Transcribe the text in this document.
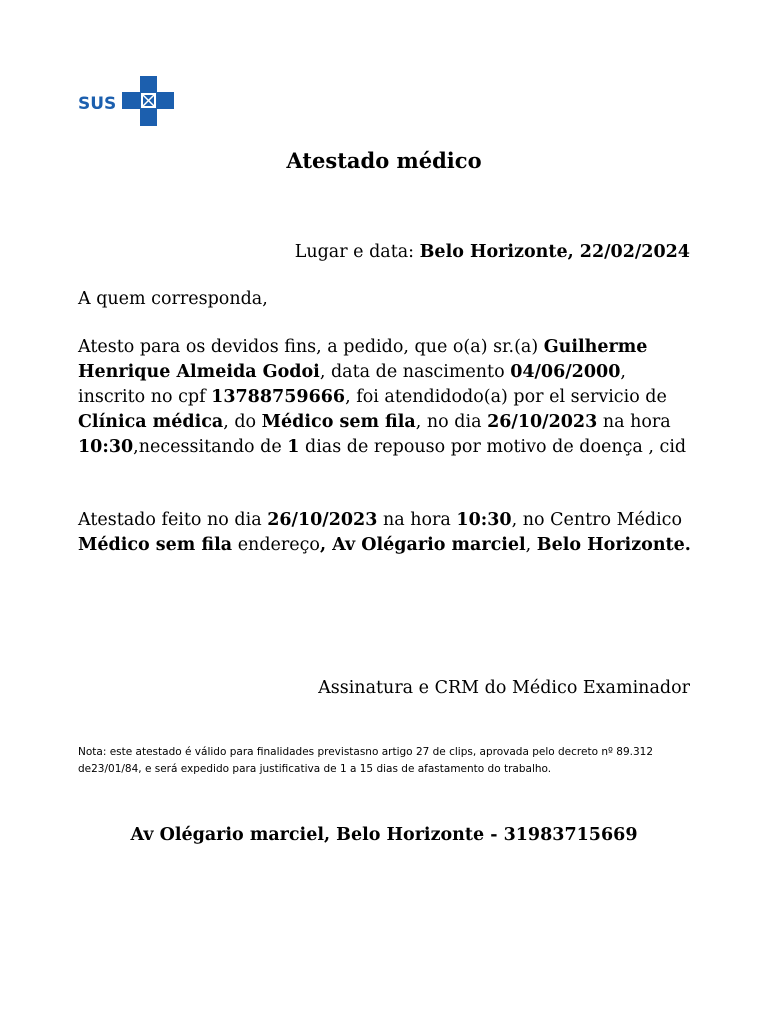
SUS
Atestado médico
Lugar e data: Belo Horizonte, 22/02/2024

A quem corresponda,

Atesto para os devidos fins, a pedido, que o(a) sr.(a) Guilherme Henrique Almeida Godoi, data de nascimento 04/06/2000, inscrito no cpf 13788759666, foi atendidodo(a) por el servicio de Clínica médica, do Médico sem fila, no dia 26/10/2023 na hora 10:30,necessitando de 1 dias de repouso por motivo de doença , cid

Atestado feito no dia 26/10/2023 na hora 10:30, no Centro Médico Médico sem fila endereço, Av Olégario marciel, Belo Horizonte.

Assinatura e CRM do Médico Examinador

Nota: este atestado é válido para finalidades previstasno artigo 27 de clips, aprovada pelo decreto nº 89.312 de23/01/84, e será expedido para justificativa de 1 a 15 dias de afastamento do trabalho.

Av Olégario marciel, Belo Horizonte - 31983715669
